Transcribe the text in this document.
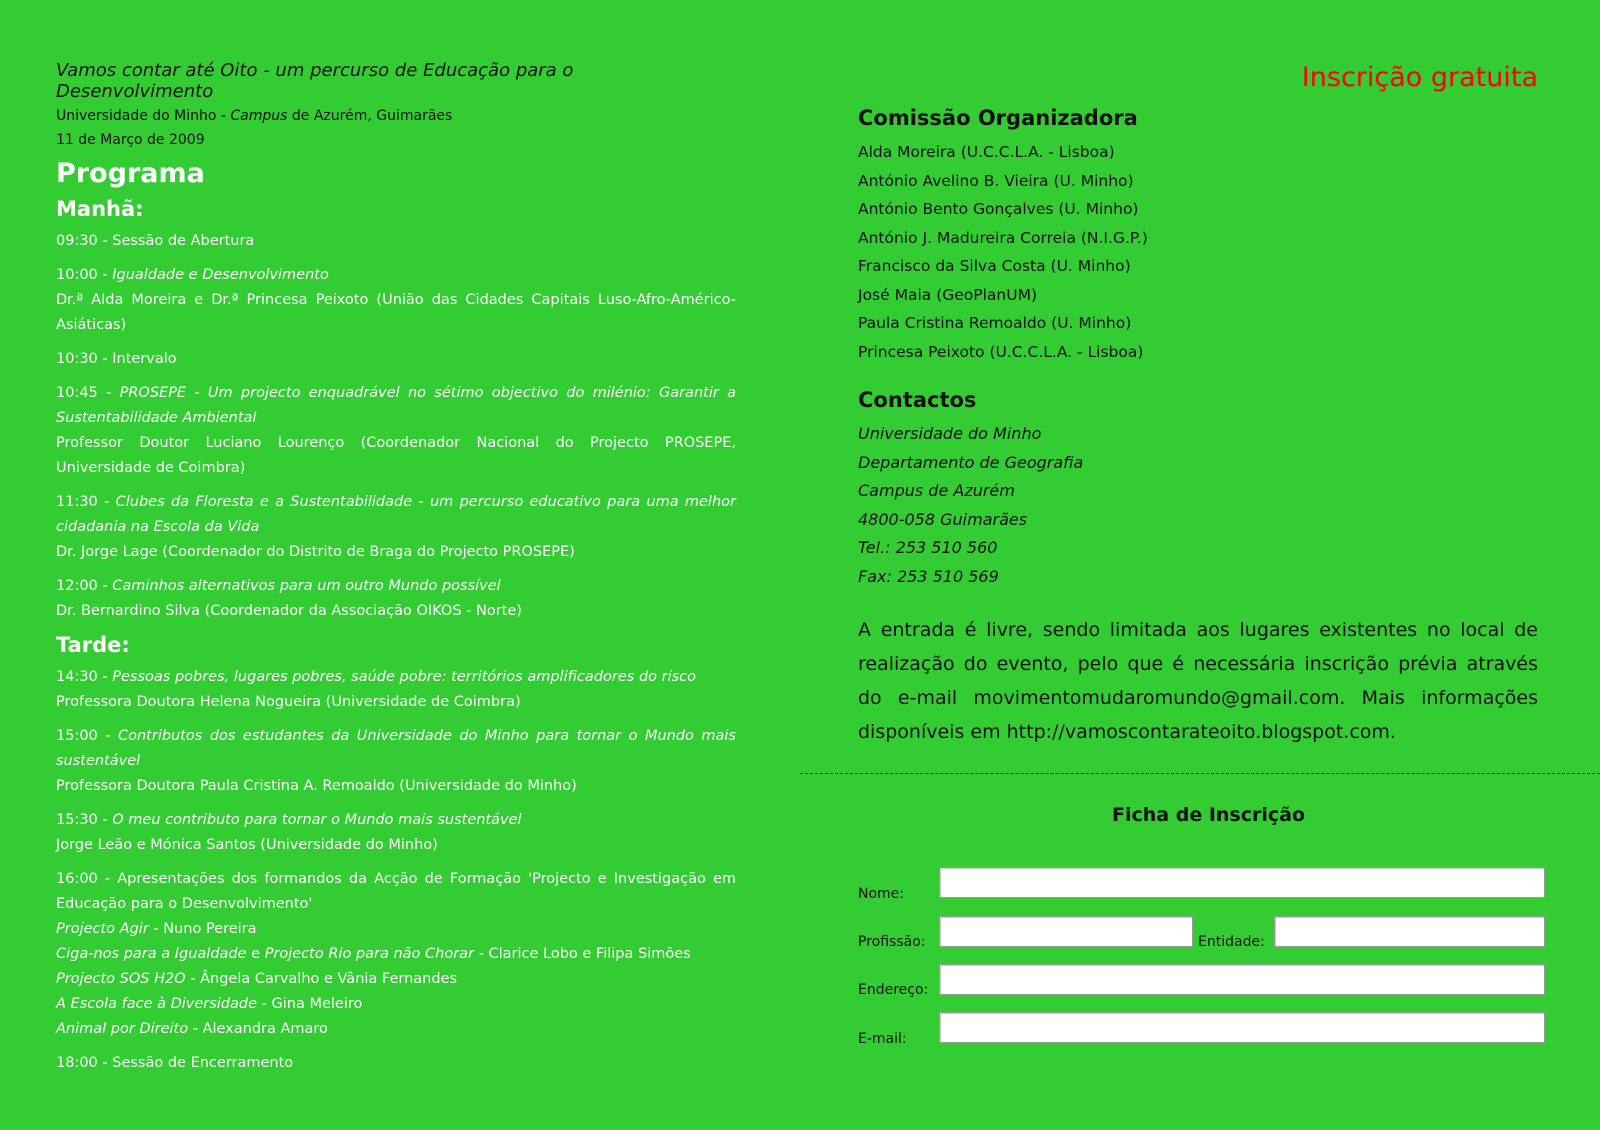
Vamos contar até Oito - um percurso de Educação para o Desenvolvimento
Universidade do Minho - Campus de Azurém, Guimarães
11 de Março de 2009
Programa
Manhã:
09:30 - Sessão de Abertura
10:00 - Igualdade e Desenvolvimento
Dr.ª Alda Moreira e Dr.ª Princesa Peixoto (União das Cidades Capitais Luso-Afro-Américo-Asiáticas)
10:30 - Intervalo
10:45 - PROSEPE - Um projecto enquadrável no sétimo objectivo do milénio: Garantir a Sustentabilidade Ambiental
Professor Doutor Luciano Lourenço (Coordenador Nacional do Projecto PROSEPE, Universidade de Coimbra)
11:30 - Clubes da Floresta e a Sustentabilidade - um percurso educativo para uma melhor cidadania na Escola da Vida
Dr. Jorge Lage (Coordenador do Distrito de Braga do Projecto PROSEPE)
12:00 - Caminhos alternativos para um outro Mundo possível
Dr. Bernardino Silva (Coordenador da Associação OIKOS - Norte)
Tarde:
14:30 - Pessoas pobres, lugares pobres, saúde pobre: territórios amplificadores do risco
Professora Doutora Helena Nogueira (Universidade de Coimbra)
15:00 - Contributos dos estudantes da Universidade do Minho para tornar o Mundo mais sustentável
Professora Doutora Paula Cristina A. Remoaldo (Universidade do Minho)
15:30 - O meu contributo para tornar o Mundo mais sustentável
Jorge Leão e Mónica Santos (Universidade do Minho)
16:00 - Apresentações dos formandos da Acção de Formação 'Projecto e Investigação em Educação para o Desenvolvimento'
Projecto Agir - Nuno Pereira
Ciga-nos para a Igualdade e Projecto Rio para não Chorar - Clarice Lobo e Filipa Simões
Projecto SOS H2O - Ângela Carvalho e Vânia Fernandes
A Escola face à Diversidade - Gina Meleiro
Animal por Direito - Alexandra Amaro
18:00 - Sessão de Encerramento
Inscrição gratuita
Comissão Organizadora
Alda Moreira (U.C.C.L.A. - Lisboa)
António Avelino B. Vieira (U. Minho)
António Bento Gonçalves (U. Minho)
António J. Madureira Correia (N.I.G.P.)
Francisco da Silva Costa (U. Minho)
José Maia (GeoPlanUM)
Paula Cristina Remoaldo (U. Minho)
Princesa Peixoto (U.C.C.L.A. - Lisboa)
Contactos
Universidade do Minho
Departamento de Geografia
Campus de Azurém
4800-058 Guimarães
Tel.: 253 510 560
Fax: 253 510 569
A entrada é livre, sendo limitada aos lugares existentes no local de realização do evento, pelo que é necessária inscrição prévia através do e-mail movimentomudaromundo@gmail.com. Mais informações disponíveis em http://vamoscontarateoito.blogspot.com.
Ficha de Inscrição
Nome:
Profissão:	Entidade:
Endereço:
E-mail:
